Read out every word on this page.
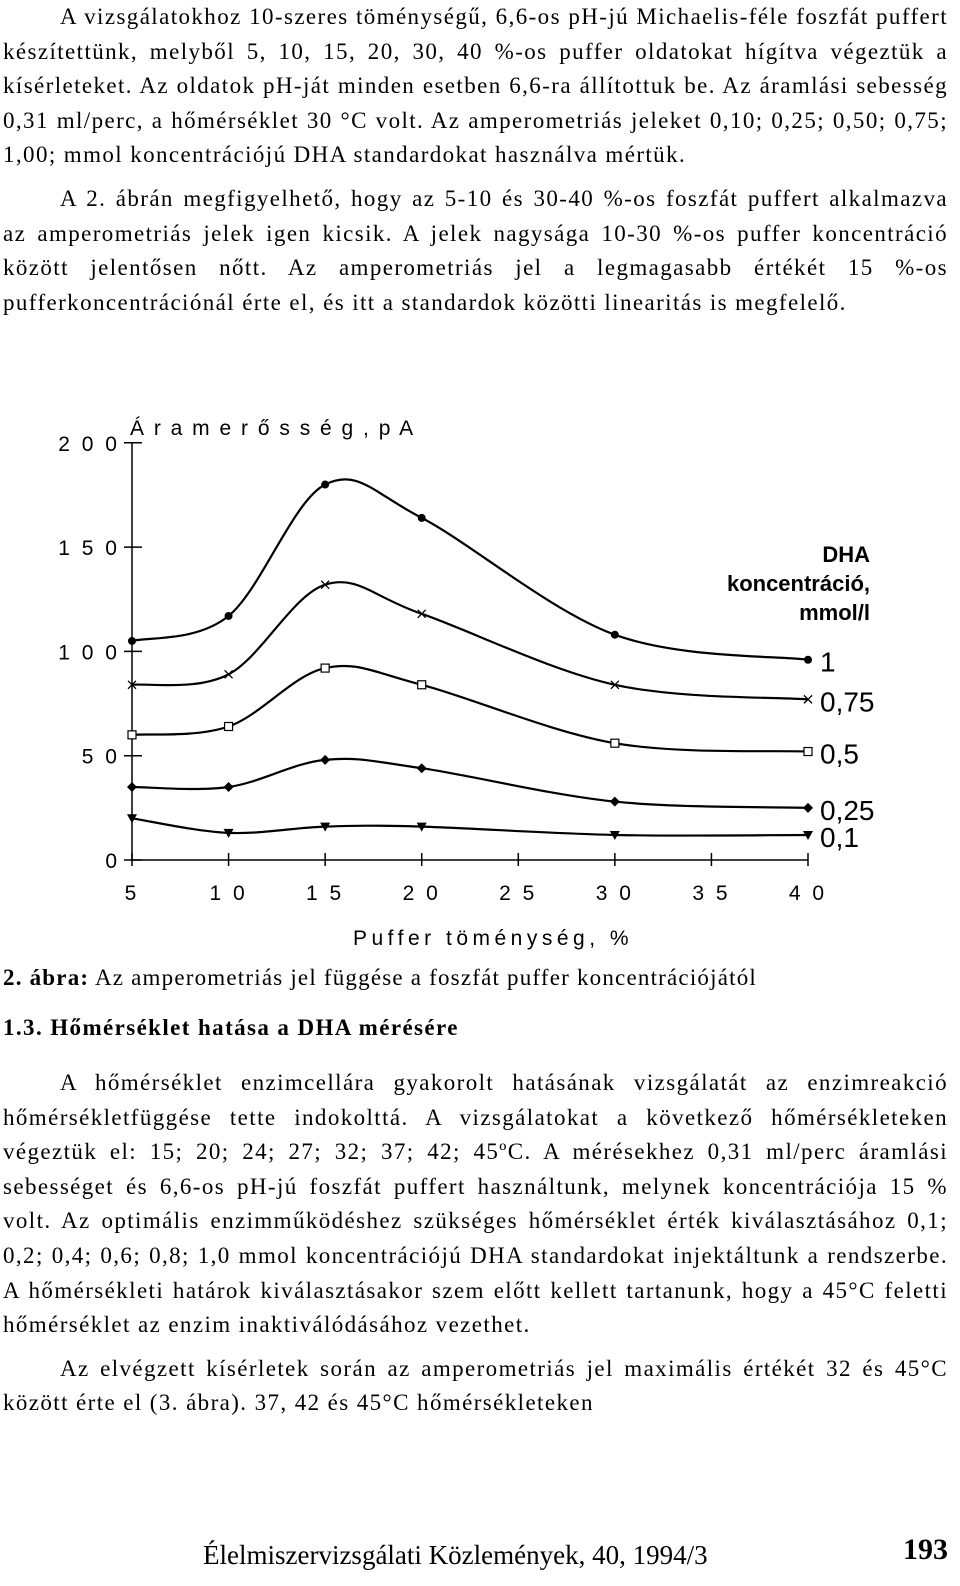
A vizsgálatokhoz 10-szeres töménységű, 6,6-os pH-jú Michaelis-féle foszfát puffert készítettünk, melyből 5, 10, 15, 20, 30, 40 %-os puffer oldatokat hígítva végeztük a kísérleteket. Az oldatok pH-ját minden esetben 6,6-ra állítottuk be. Az áramlási sebesség 0,31 ml/perc, a hőmérséklet 30 °C volt. Az amperometriás jeleket 0,10; 0,25; 0,50; 0,75; 1,00; mmol koncentrációjú DHA standardokat használva mértük.

A 2. ábrán megfigyelhető, hogy az 5-10 és 30-40 %-os foszfát puffert alkalmazva az amperometriás jelek igen kicsik. A jelek nagysága 10-30 %-os puffer koncentráció között jelentősen nőtt. Az amperometriás jel a legmagasabb értékét 15 %-os pufferkoncentrációnál érte el, és itt a standardok közötti linearitás is megfelelő.

0
5 0
1 0 0
1 5 0
2 0 0
5	1 0	1 5	2 0	2 5	3 0	3 5	4 0
Á r a m e r ő s s é g , p A
Puffer töménység, %
1
0,75
0,5
0,25
0,1
DHA
koncentráció,
mmol/l
2. ábra: Az amperometriás jel függése a foszfát puffer koncentrációjától
1.3. Hőmérséklet hatása a DHA mérésére

A hőmérséklet enzimcellára gyakorolt hatásának vizsgálatát az enzimreakció hőmérsékletfüggése tette indokolttá. A vizsgálatokat a következő hőmérsékleteken végeztük el: 15; 20; 24; 27; 32; 37; 42; 45ºC. A mérésekhez 0,31 ml/perc áramlási sebességet és 6,6-os pH-jú foszfát puffert használtunk, melynek koncentrációja 15 % volt. Az optimális enzimműködéshez szükséges hőmérséklet érték kiválasztásához 0,1; 0,2; 0,4; 0,6; 0,8; 1,0 mmol koncentrációjú DHA standardokat injektáltunk a rendszerbe. A hőmérsékleti határok kiválasztásakor szem előtt kellett tartanunk, hogy a 45°C feletti hőmérséklet az enzim inaktiválódásához vezethet.

Az elvégzett kísérletek során az amperometriás jel maximális értékét 32 és 45°C között érte el (3. ábra). 37, 42 és 45°C hőmérsékleteken

Élelmiszervizsgálati Közlemények, 40, 1994/3	193
